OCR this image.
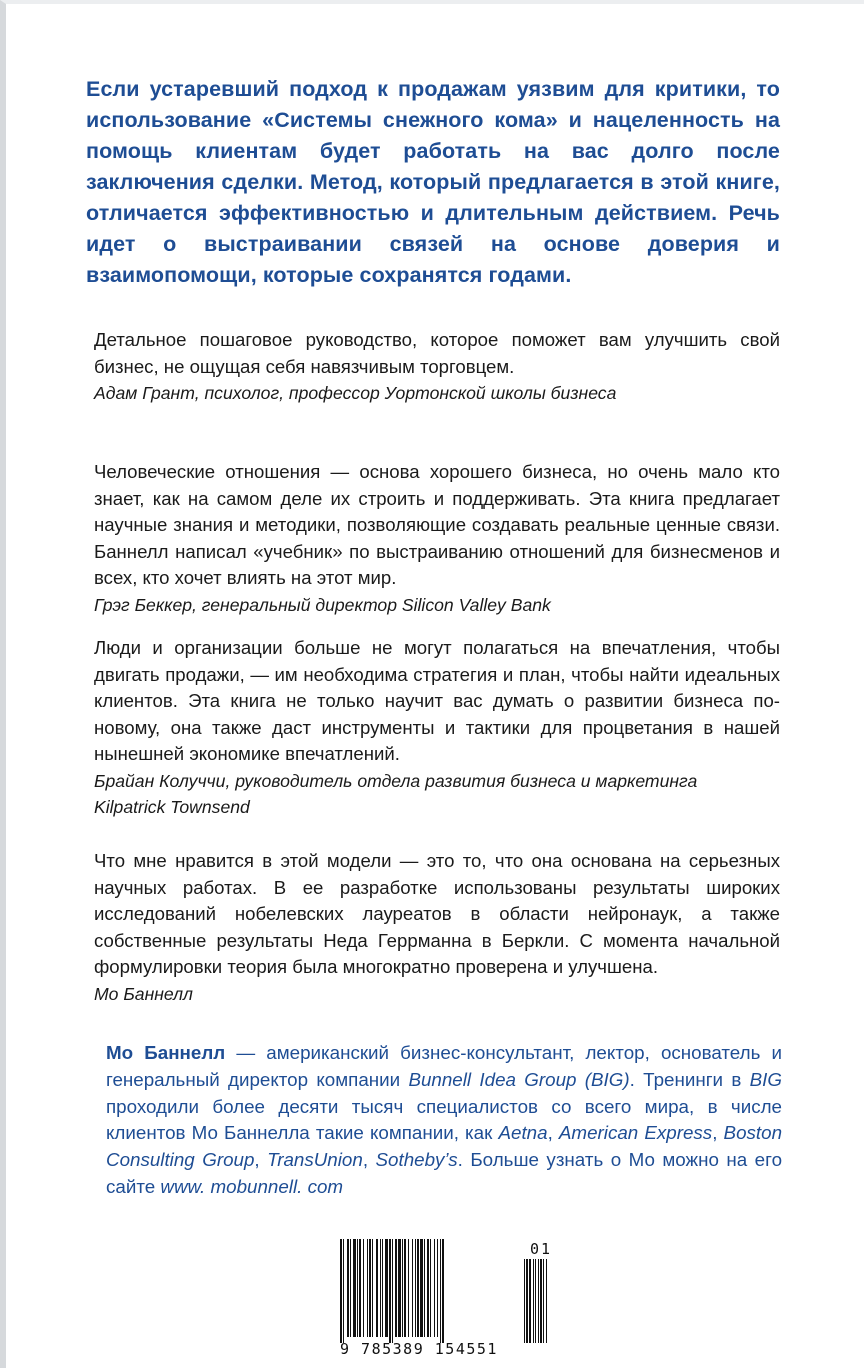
Если устаревший подход к продажам уязвим для критики, то использование «Системы снежного кома» и нацеленность на помощь клиентам будет работать на вас долго после заключения сделки. Метод, который предлагается в этой книге, отличается эффективностью и длительным действием. Речь идет о выстраивании связей на основе доверия и взаимопомощи, которые сохранятся годами.
Детальное пошаговое руководство, которое поможет вам улучшить свой бизнес, не ощущая себя навязчивым торговцем.
Адам Грант, психолог, профессор Уортонской школы бизнеса
Человеческие отношения — основа хорошего бизнеса, но очень мало кто знает, как на самом деле их строить и поддерживать. Эта книга предлагает научные знания и методики, позволяющие создавать реальные ценные связи. Баннелл написал «учебник» по выстраиванию отношений для бизнесменов и всех, кто хочет влиять на этот мир.
Грэг Беккер, генеральный директор Silicon Valley Bank
Люди и организации больше не могут полагаться на впечатления, чтобы двигать продажи, — им необходима стратегия и план, чтобы найти идеальных клиентов. Эта книга не только научит вас думать о развитии бизнеса по-новому, она также даст инструменты и тактики для процветания в нашей нынешней экономике впечатлений.
Брайан Колуччи, руководитель отдела развития бизнеса и маркетинга
Kilpatrick Townsend
Что мне нравится в этой модели — это то, что она основана на серьезных научных работах. В ее разработке использованы результаты широких исследований нобелевских лауреатов в области нейронаук, а также собственные результаты Неда Геррманна в Беркли. С момента начальной формулировки теория была многократно проверена и улучшена.
Мо Баннелл
Мо Баннелл — американский бизнес-консультант, лектор, основатель и генеральный директор компании Bunnell Idea Group (BIG). Тренинги в BIG проходили более десяти тысяч специалистов со всего мира, в числе клиентов Мо Баннелла такие компании, как Aetna, American Express, Boston Consulting Group, TransUnion, Sotheby’s. Больше узнать о Мо можно на его сайте www. mobunnell. com
9 785389 154551
01
